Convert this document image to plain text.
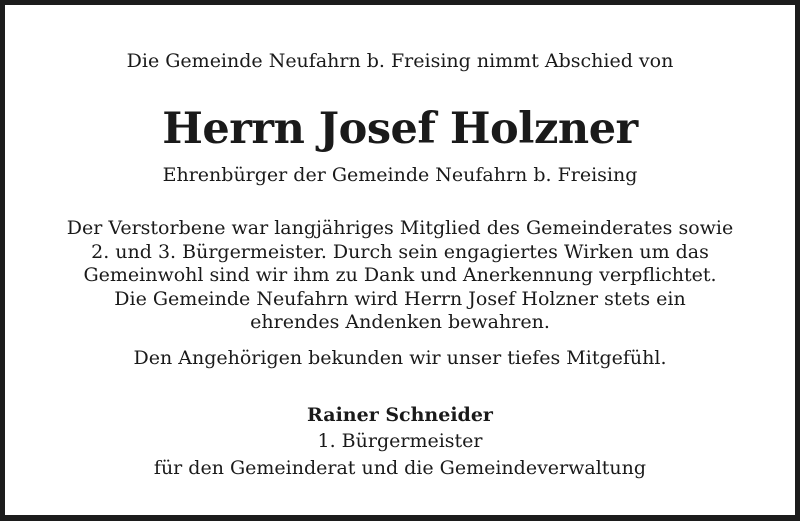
Die Gemeinde Neufahrn b. Freising nimmt Abschied von
Herrn Josef Holzner
Ehrenbürger der Gemeinde Neufahrn b. Freising
Der Verstorbene war langjähriges Mitglied des Gemeinderates sowie
2. und 3. Bürgermeister. Durch sein engagiertes Wirken um das
Gemeinwohl sind wir ihm zu Dank und Anerkennung verpflichtet.
Die Gemeinde Neufahrn wird Herrn Josef Holzner stets ein
ehrendes Andenken bewahren.
Den Angehörigen bekunden wir unser tiefes Mitgefühl.
Rainer Schneider
1. Bürgermeister
für den Gemeinderat und die Gemeindeverwaltung
